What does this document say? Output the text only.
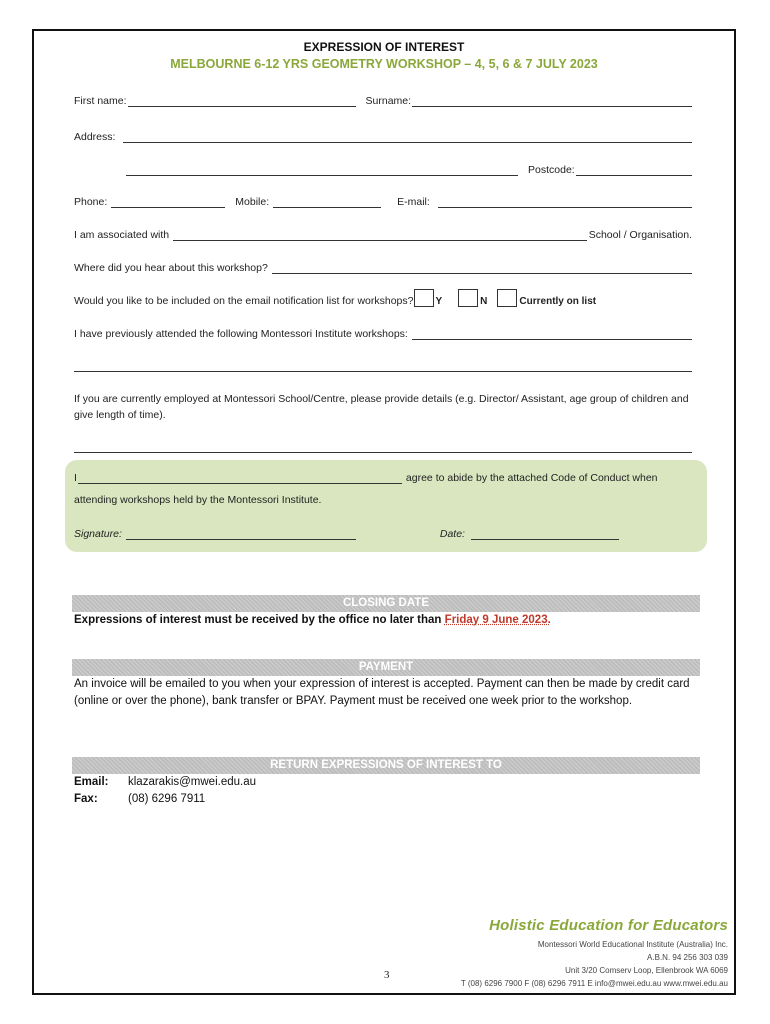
EXPRESSION OF INTEREST
MELBOURNE 6-12 YRS GEOMETRY WORKSHOP – 4, 5, 6 & 7 JULY 2023
First name:	Surname:
Address:
Postcode:
Phone:	Mobile:	E-mail:
I am associated with	School / Organisation.
Where did you hear about this workshop?
Would you like to be included on the email notification list for workshops? Y	N	Currently on list
I have previously attended the following Montessori Institute workshops:
If you are currently employed at Montessori School/Centre, please provide details (e.g. Director/ Assistant, age group of children and give length of time).
I	agree to abide by the attached Code of Conduct when
attending workshops held by the Montessori Institute.
Signature:	Date:
CLOSING DATE
Expressions of interest must be received by the office no later than Friday 9 June 2023.
PAYMENT
An invoice will be emailed to you when your expression of interest is accepted. Payment can then be made by credit card (online or over the phone), bank transfer or BPAY. Payment must be received one week prior to the workshop.
RETURN EXPRESSIONS OF INTEREST TO
Email: klazarakis@mwei.edu.au
Fax:	(08) 6296 7911
Holistic Education for Educators
Montessori World Educational Institute (Australia) Inc.
A.B.N. 94 256 303 039
Unit 3/20 Comserv Loop, Ellenbrook WA 6069
T (08) 6296 7900 F (08) 6296 7911 E info@mwei.edu.au www.mwei.edu.au
3
